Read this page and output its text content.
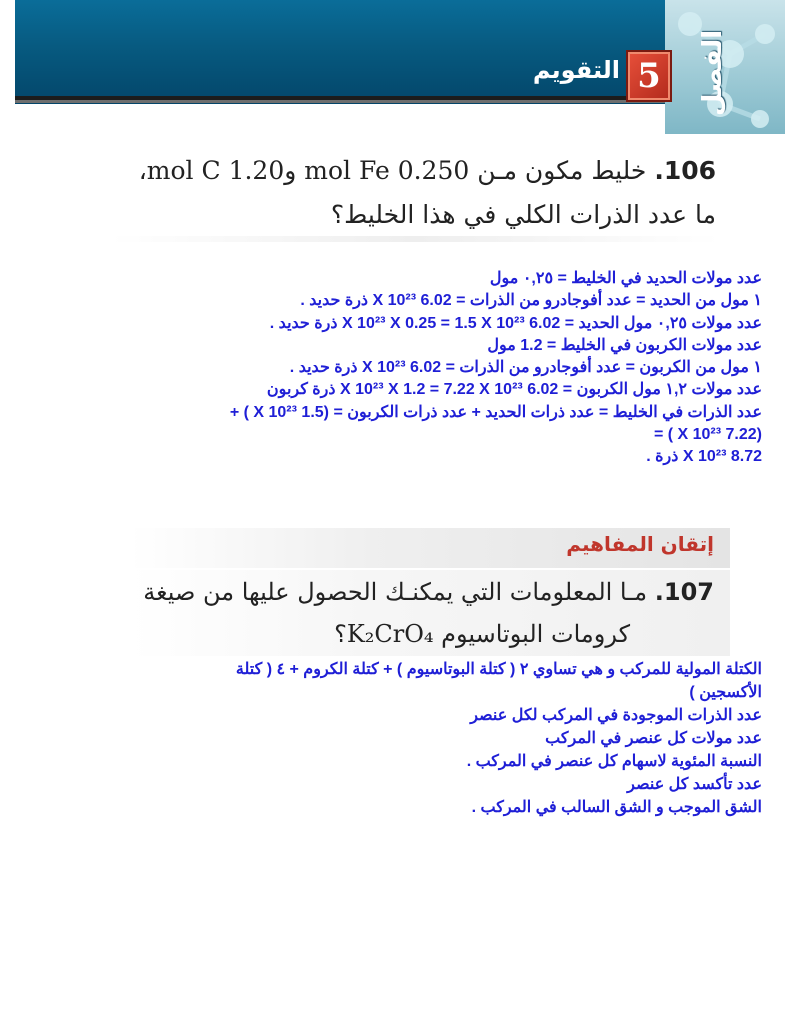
الفصل
5
التقويم
106. خليط مكون مـن 0.250 mol Fe و1.20 mol C،
ما عدد الذرات الكلي في هذا الخليط؟

عدد مولات الحديد في الخليط = ٠,٢٥ مول

١ مول من الحديد = عدد أفوجادرو من الذرات = 6.02 X 10²³ ذرة حديد .

عدد مولات ٠,٢٥ مول الحديد = 6.02 X 10²³ X 0.25 = 1.5 X 10²³ ذرة حديد .

عدد مولات الكربون في الخليط = 1.2 مول

١ مول من الكربون = عدد أفوجادرو من الذرات = 6.02 X 10²³ ذرة حديد .

عدد مولات ١,٢ مول الكربون = 6.02 X 10²³ X 1.2 = 7.22 X 10²³ ذرة كربون

عدد الذرات في الخليط = عدد ذرات الحديد + عدد ذرات الكربون = (1.5 X 10²³ ) +

(7.22 X 10²³ ) =

8.72 X 10²³ ذرة .

إتقان المفاهيم
107. مـا المعلومات التي يمكنـك الحصول عليها من صيغة
كرومات البوتاسيوم K₂CrO₄؟

الكتلة المولية للمركب و هي تساوي ٢ ( كتلة البوتاسيوم ) + كتلة الكروم + ٤ ( كتلة

الأكسجين )

عدد الذرات الموجودة في المركب لكل عنصر

عدد مولات كل عنصر في المركب

النسبة المئوية لاسهام كل عنصر في المركب .

عدد تأكسد كل عنصر

الشق الموجب و الشق السالب في المركب .
